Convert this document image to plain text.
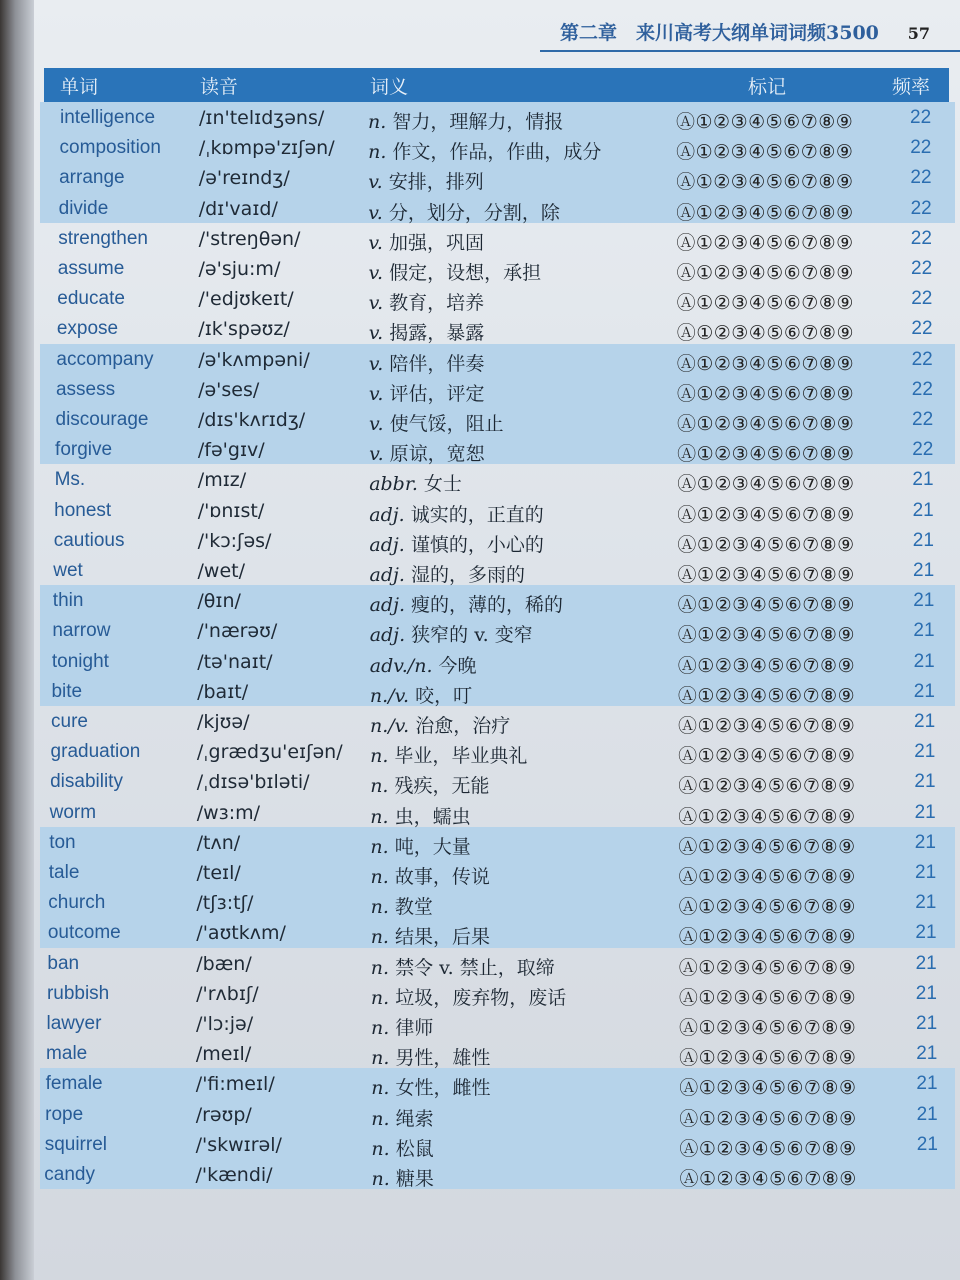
第二章　来川高考大纲单词词频3500 57
单词	读音	词义	标记	频率
intelligence /ɪn'telɪdʒəns/ n. 智力，理解力，情报	Ⓐ①②③④⑤⑥⑦⑧⑨	22
composition /ˌkɒmpə'zɪʃən/ n. 作文，作品，作曲，成分	Ⓐ①②③④⑤⑥⑦⑧⑨	22
arrange	/ə'reɪndʒ/	v. 安排，排列	Ⓐ①②③④⑤⑥⑦⑧⑨	22
divide	/dɪ'vaɪd/	v. 分，划分，分割，除	Ⓐ①②③④⑤⑥⑦⑧⑨	22
strengthen	/'streŋθən/	v. 加强，巩固	Ⓐ①②③④⑤⑥⑦⑧⑨	22
assume	/ə'sju:m/	v. 假定，设想，承担	Ⓐ①②③④⑤⑥⑦⑧⑨	22
educate	/'edjʊkeɪt/	v. 教育，培养	Ⓐ①②③④⑤⑥⑦⑧⑨	22
expose	/ɪk'spəʊz/	v. 揭露，暴露	Ⓐ①②③④⑤⑥⑦⑧⑨	22
accompany /ə'kʌmpəni/	v. 陪伴，伴奏	Ⓐ①②③④⑤⑥⑦⑧⑨	22
assess	/ə'ses/	v. 评估，评定	Ⓐ①②③④⑤⑥⑦⑧⑨	22
discourage	/dɪs'kʌrɪdʒ/	v. 使气馁，阻止	Ⓐ①②③④⑤⑥⑦⑧⑨	22
forgive	/fə'gɪv/	v. 原谅，宽恕	Ⓐ①②③④⑤⑥⑦⑧⑨	22
Ms.	/mɪz/	abbr. 女士	Ⓐ①②③④⑤⑥⑦⑧⑨	21
honest	/'ɒnɪst/	adj. 诚实的，正直的	Ⓐ①②③④⑤⑥⑦⑧⑨	21
cautious	/'kɔ:ʃəs/	adj. 谨慎的，小心的	Ⓐ①②③④⑤⑥⑦⑧⑨	21
wet	/wet/	adj. 湿的，多雨的	Ⓐ①②③④⑤⑥⑦⑧⑨	21
thin	/θɪn/	adj. 瘦的，薄的，稀的	Ⓐ①②③④⑤⑥⑦⑧⑨	21
narrow	/'nærəʊ/	adj. 狭窄的 v. 变窄	Ⓐ①②③④⑤⑥⑦⑧⑨	21
tonight	/tə'naɪt/	adv./n. 今晚	Ⓐ①②③④⑤⑥⑦⑧⑨	21
bite	/baɪt/	n./v. 咬，叮	Ⓐ①②③④⑤⑥⑦⑧⑨	21
cure	/kjʊə/	n./v. 治愈，治疗	Ⓐ①②③④⑤⑥⑦⑧⑨	21
graduation	/ˌgrædʒu'eɪʃən/ n. 毕业，毕业典礼	Ⓐ①②③④⑤⑥⑦⑧⑨	21
disability	/ˌdɪsə'bɪləti/	n. 残疾，无能	Ⓐ①②③④⑤⑥⑦⑧⑨	21
worm	/wɜ:m/	n. 虫，蠕虫	Ⓐ①②③④⑤⑥⑦⑧⑨	21
ton	/tʌn/	n. 吨，大量	Ⓐ①②③④⑤⑥⑦⑧⑨	21
tale	/teɪl/	n. 故事，传说	Ⓐ①②③④⑤⑥⑦⑧⑨	21
church	/tʃɜ:tʃ/	n. 教堂	Ⓐ①②③④⑤⑥⑦⑧⑨	21
outcome	/'aʊtkʌm/	n. 结果，后果	Ⓐ①②③④⑤⑥⑦⑧⑨	21
ban	/bæn/	n. 禁令 v. 禁止，取缔	Ⓐ①②③④⑤⑥⑦⑧⑨	21
rubbish	/'rʌbɪʃ/	n. 垃圾，废弃物，废话	Ⓐ①②③④⑤⑥⑦⑧⑨	21
lawyer	/'lɔ:jə/	n. 律师	Ⓐ①②③④⑤⑥⑦⑧⑨	21
male	/meɪl/	n. 男性，雄性	Ⓐ①②③④⑤⑥⑦⑧⑨	21
female	/'fi:meɪl/	n. 女性，雌性	Ⓐ①②③④⑤⑥⑦⑧⑨	21
rope	/rəʊp/	n. 绳索	Ⓐ①②③④⑤⑥⑦⑧⑨	21
squirrel	/'skwɪrəl/	n. 松鼠	Ⓐ①②③④⑤⑥⑦⑧⑨	21
candy	/'kændi/	n. 糖果	Ⓐ①②③④⑤⑥⑦⑧⑨
